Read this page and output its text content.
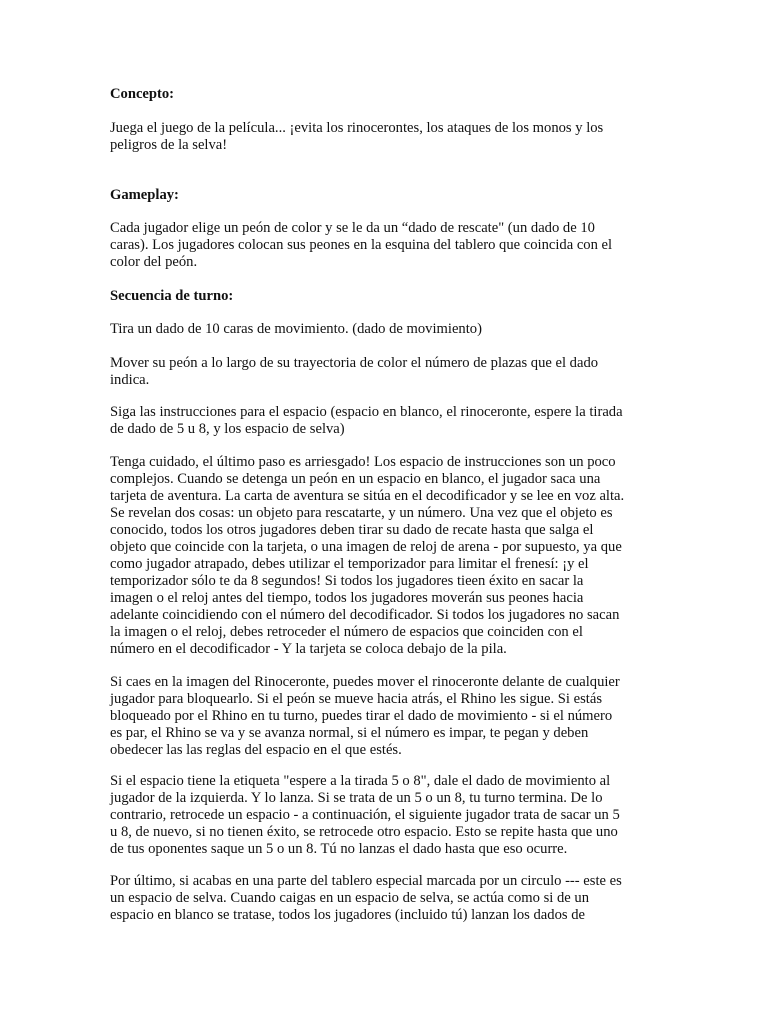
Concepto:

Juega el juego de la película... ¡evita los rinocerontes, los ataques de los monos y los
peligros de la selva!

Gameplay:

Cada jugador elige un peón de color y se le da un “dado de rescate" (un dado de 10
caras). Los jugadores colocan sus peones en la esquina del tablero que coincida con el
color del peón.

Secuencia de turno:

Tira un dado de 10 caras de movimiento. (dado de movimiento)

Mover su peón a lo largo de su trayectoria de color el número de plazas que el dado
indica.

Siga las instrucciones para el espacio (espacio en blanco, el rinoceronte, espere la tirada
de dado de 5 u 8, y los espacio de selva)

Tenga cuidado, el último paso es arriesgado! Los espacio de instrucciones son un poco
complejos. Cuando se detenga un peón en un espacio en blanco, el jugador saca una
tarjeta de aventura. La carta de aventura se sitúa en el decodificador y se lee en voz alta.
Se revelan dos cosas: un objeto para rescatarte, y un número. Una vez que el objeto es
conocido, todos los otros jugadores deben tirar su dado de recate hasta que salga el
objeto que coincide con la tarjeta, o una imagen de reloj de arena - por supuesto, ya que
como jugador atrapado, debes utilizar el temporizador para limitar el frenesí: ¡y el
temporizador sólo te da 8 segundos! Si todos los jugadores tieen éxito en sacar la
imagen o el reloj antes del tiempo, todos los jugadores moverán sus peones hacia
adelante coincidiendo con el número del decodificador. Si todos los jugadores no sacan
la imagen o el reloj, debes retroceder el número de espacios que coinciden con el
número en el decodificador - Y la tarjeta se coloca debajo de la pila.

Si caes en la imagen del Rinoceronte, puedes mover el rinoceronte delante de cualquier
jugador para bloquearlo. Si el peón se mueve hacia atrás, el Rhino les sigue. Si estás
bloqueado por el Rhino en tu turno, puedes tirar el dado de movimiento - si el número
es par, el Rhino se va y se avanza normal, si el número es impar, te pegan y deben
obedecer las las reglas del espacio en el que estés.

Si el espacio tiene la etiqueta "espere a la tirada 5 o 8", dale el dado de movimiento al
jugador de la izquierda. Y lo lanza. Si se trata de un 5 o un 8, tu turno termina. De lo
contrario, retrocede un espacio - a continuación, el siguiente jugador trata de sacar un 5
u 8, de nuevo, si no tienen éxito, se retrocede otro espacio. Esto se repite hasta que uno
de tus oponentes saque un 5 o un 8. Tú no lanzas el dado hasta que eso ocurre.

Por último, si acabas en una parte del tablero especial marcada por un circulo --- este es
un espacio de selva. Cuando caigas en un espacio de selva, se actúa como si de un
espacio en blanco se tratase, todos los jugadores (incluido tú) lanzan los dados de
